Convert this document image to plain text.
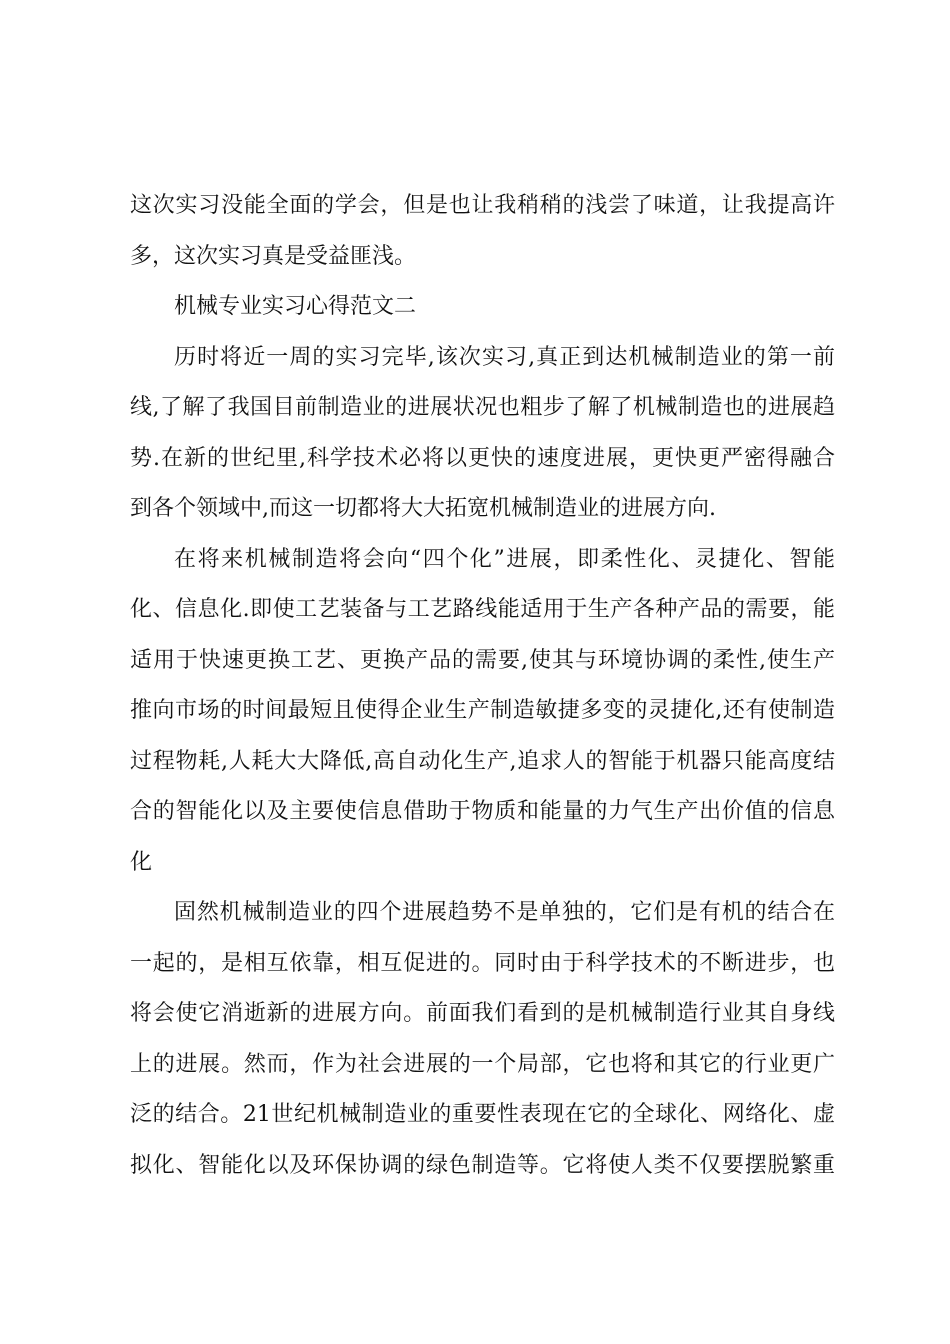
这次实习没能全面的学会，但是也让我稍稍的浅尝了味道，让我提高许
多，这次实习真是受益匪浅。
机械专业实习心得范文二
历时将近一周的实习完毕,该次实习,真正到达机械制造业的第一前
线,了解了我国目前制造业的进展状况也粗步了解了机械制造也的进展趋
势.在新的世纪里,科学技术必将以更快的速度进展，更快更严密得融合
到各个领域中,而这一切都将大大拓宽机械制造业的进展方向.
在将来机械制造将会向“四个化”进展，即柔性化、灵捷化、智能
化、信息化.即使工艺装备与工艺路线能适用于生产各种产品的需要，能
适用于快速更换工艺、更换产品的需要,使其与环境协调的柔性,使生产
推向市场的时间最短且使得企业生产制造敏捷多变的灵捷化,还有使制造
过程物耗,人耗大大降低,高自动化生产,追求人的智能于机器只能高度结
合的智能化以及主要使信息借助于物质和能量的力气生产出价值的信息
化
固然机械制造业的四个进展趋势不是单独的，它们是有机的结合在
一起的，是相互依靠，相互促进的。同时由于科学技术的不断进步，也
将会使它消逝新的进展方向。前面我们看到的是机械制造行业其自身线
上的进展。然而，作为社会进展的一个局部，它也将和其它的行业更广
泛的结合。21世纪机械制造业的重要性表现在它的全球化、网络化、虚
拟化、智能化以及环保协调的绿色制造等。它将使人类不仅要摆脱繁重
